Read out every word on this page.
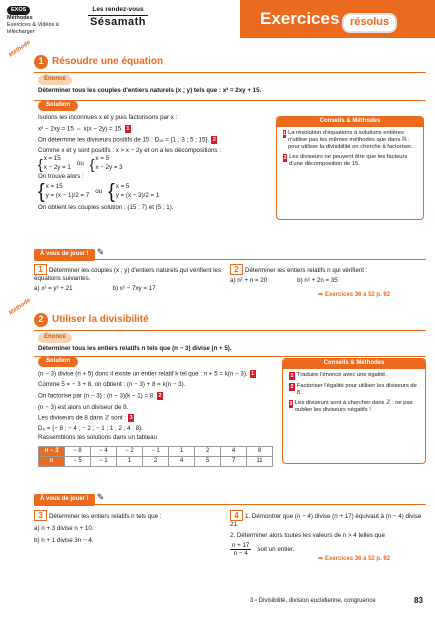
EXOS
Méthodes
Exercices & Vidéos à télécharger
Les rendez-vous
Sésamath	Exercices résolus
Méthode
1 Résoudre une équation
Énoncé
Déterminer tous les couples d'entiers naturels (x ; y) tels que : x² = 2xy + 15.
Solution
Isolons les inconnues x et y puis factorisons par x :
x² − 2xy = 15 ⇔ x(x − 2y) = 15. 1
On détermine les diviseurs positifs de 15 : D₁₅ = {1 ; 3 ; 5 ; 15}. 2
Comme x et y sont positifs : x > x − 2y et on a les décompositions :
{ x = 15
x − 2y = 1
ou { x = 5
x − 2y = 3
On trouve alors :
{ x = 15
y = (x − 1)/2 = 7
ou { x = 5
y = (x − 3)/2 = 1
On obtient les couples solution : (15 ; 7) et (5 ; 1).
Conseils & Méthodes
1 La résolution d'équations à solutions entières n'utilise pas les mêmes méthodes que dans ℝ : pour utiliser la divisibilité on cherche à factoriser.
2 Les diviseurs ne peuvent être que les facteurs d'une décomposition de 15.
À vous de jouer ! ✎
1 Déterminer les couples (x ; y) d'entiers naturels qui vérifient les équations suivantes.
a) x² = y² + 21	b) x² − 7xy = 17
2 Déterminer les entiers relatifs n qui vérifient :
a) n² + n = 20	b) n² + 2n = 35
➥ Exercices 36 à 52 p. 92
Méthode
2 Utiliser la divisibilité
Énoncé
Déterminer tous les entiers relatifs n tels que (n − 3) divise (n + 5).
Solution
(n − 3) divise (n + 5) donc il existe un entier relatif k tel que : n + 5 = k(n − 3). 1
Comme 5 = − 3 + 8, on obtient : (n − 3) + 8 = k(n − 3).
On factorise par (n − 3) : (n − 3)(k − 1) = 8. 2
(n − 3) est alors un diviseur de 8.
Les diviseurs de 8 dans ℤ sont : 3
D₈ = {− 8 ; − 4 ; − 2 ; − 1 ; 1 ; 2 ; 4 ; 8}.
Rassemblons les solutions dans un tableau
n − 3	− 8	− 4	− 2	− 1	1	2	4	8
n	− 5	− 1	1	2	4	5	7	11
Conseils & Méthodes
1 Traduire l'énoncé avec une égalité.
2 Factoriser l'égalité pour utiliser les diviseurs de 8.
3 Les diviseurs sont à chercher dans ℤ : ne pas oublier les diviseurs négatifs !
À vous de jouer ! ✎
3 Déterminer les entiers relatifs n tels que :
a) n + 3 divise n + 10.
b) n + 1 divise 3n − 4.
4 1. Démontrer que (n − 4) divise (n + 17) équivaut à (n − 4) divise 21.
2. Déterminer alors toutes les valeurs de n > 4 telles que
n + 17
n − 4
soit un entier.
➥ Exercices 36 à 52 p. 92
3 • Divisibilité, division euclidienne, congruence	83
